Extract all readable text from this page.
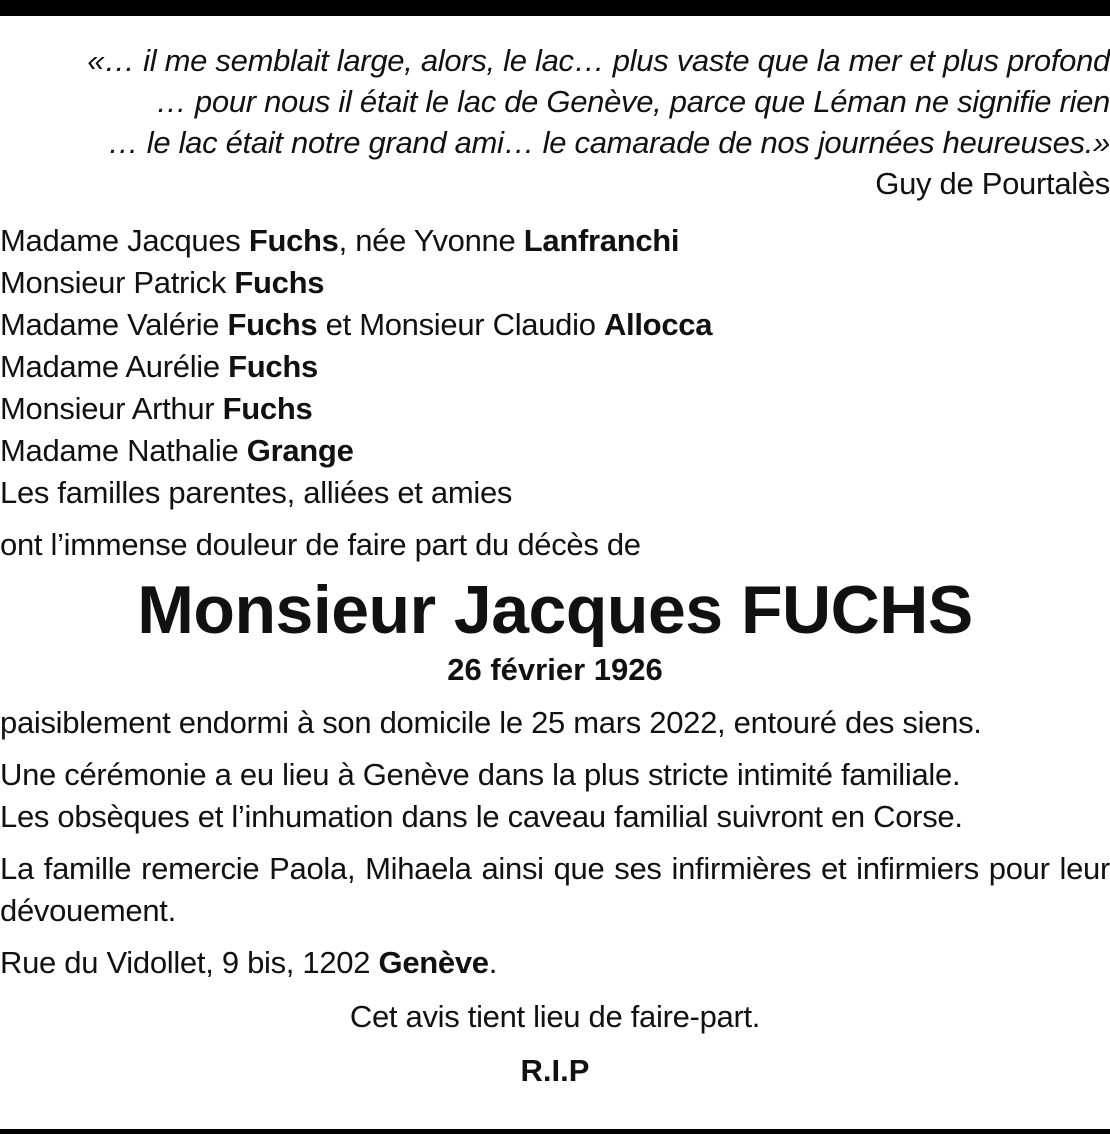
«… il me semblait large, alors, le lac… plus vaste que la mer et plus profond
… pour nous il était le lac de Genève, parce que Léman ne signifie rien
… le lac était notre grand ami… le camarade de nos journées heureuses.»
Guy de Pourtalès
Madame Jacques Fuchs, née Yvonne Lanfranchi
Monsieur Patrick Fuchs
Madame Valérie Fuchs et Monsieur Claudio Allocca
Madame Aurélie Fuchs
Monsieur Arthur Fuchs
Madame Nathalie Grange
Les familles parentes, alliées et amies
ont l’immense douleur de faire part du décès de
Monsieur Jacques FUCHS
26 février 1926
paisiblement endormi à son domicile le 25 mars 2022, entouré des siens.
Une cérémonie a eu lieu à Genève dans la plus stricte intimité familiale.
Les obsèques et l’inhumation dans le caveau familial suivront en Corse.
La famille remercie Paola, Mihaela ainsi que ses infirmières et infirmiers pour leur dévouement.
Rue du Vidollet, 9 bis, 1202 Genève.
Cet avis tient lieu de faire-part.
R.I.P
